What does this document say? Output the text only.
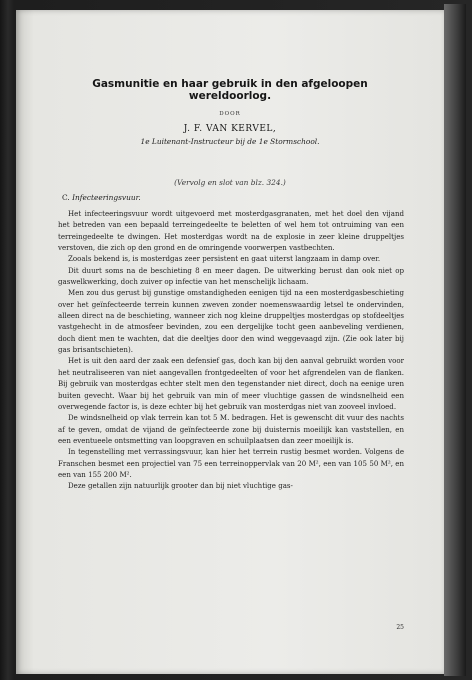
Gasmunitie en haar gebruik in den afgeloopen
wereldoorlog.
DOOR
J. F. VAN KERVEL,
1e Luitenant-Instructeur bij de 1e Stormschool.
(Vervolg en slot van blz. 324.)
C. Infecteeringsvuur.

Het infecteeringsvuur wordt uitgevoerd met mosterdgasgranaten, met het doel den vijand het betreden van een bepaald terreingedeelte te beletten of wel hem tot ontruiming van een terreingedeelte te dwingen. Het mosterdgas wordt na de explosie in zeer kleine druppeltjes verstoven, die zich op den grond en de omringende voorwerpen vastbechten.

Zooals bekend is, is mosterdgas zeer persistent en gaat uiterst langzaam in damp over.

Dit duurt soms na de beschieting 8 en meer dagen. De uitwerking berust dan ook niet op gaswelkwerking, doch zuiver op infectie van het menschelijk lichaam.

Men zou dus gerust bij gunstige omstandigheden eenigen tijd na een mosterdgasbeschieting over het geïnfecteerde terrein kunnen zweven zonder noemenswaardig letsel te ondervinden, alleen direct na de beschieting, wanneer zich nog kleine druppeltjes mosterdgas op stofdeeltjes vastgehecht in de atmosfeer bevinden, zou een dergelijke tocht geen aanbeveling verdienen, doch dient men te wachten, dat die deeltjes door den wind weggevaagd zijn. (Zie ook later bij gas brisantschieten).

Het is uit den aard der zaak een defensief gas, doch kan bij den aanval gebruikt worden voor het neutraliseeren van niet aangevallen frontgedeelten of voor het afgrendelen van de flanken. Bij gebruik van mosterdgas echter stelt men den tegenstander niet direct, doch na eenige uren buiten gevecht. Waar bij het gebruik van min of meer vluchtige gassen de windsnelheid een overwegende factor is, is deze echter bij het gebruik van mosterdgas niet van zooveel invloed.

De windsnelheid op vlak terrein kan tot 5 M. bedragen. Het is gewenscht dit vuur des nachts af te geven, omdat de vijand de geïnfecteerde zone bij duisternis moeilijk kan vaststellen, en een eventueele ontsmetting van loopgraven en schuilplaatsen dan zeer moeilijk is.

In tegenstelling met verrassingsvuur, kan hier het terrein rustig besmet worden. Volgens de Franschen besmet een projectiel van 75 een terreinoppervlak van 20 M², een van 105 50 M², en een van 155 200 M².

Deze getallen zijn natuurlijk grooter dan bij niet vluchtige gas-

25
